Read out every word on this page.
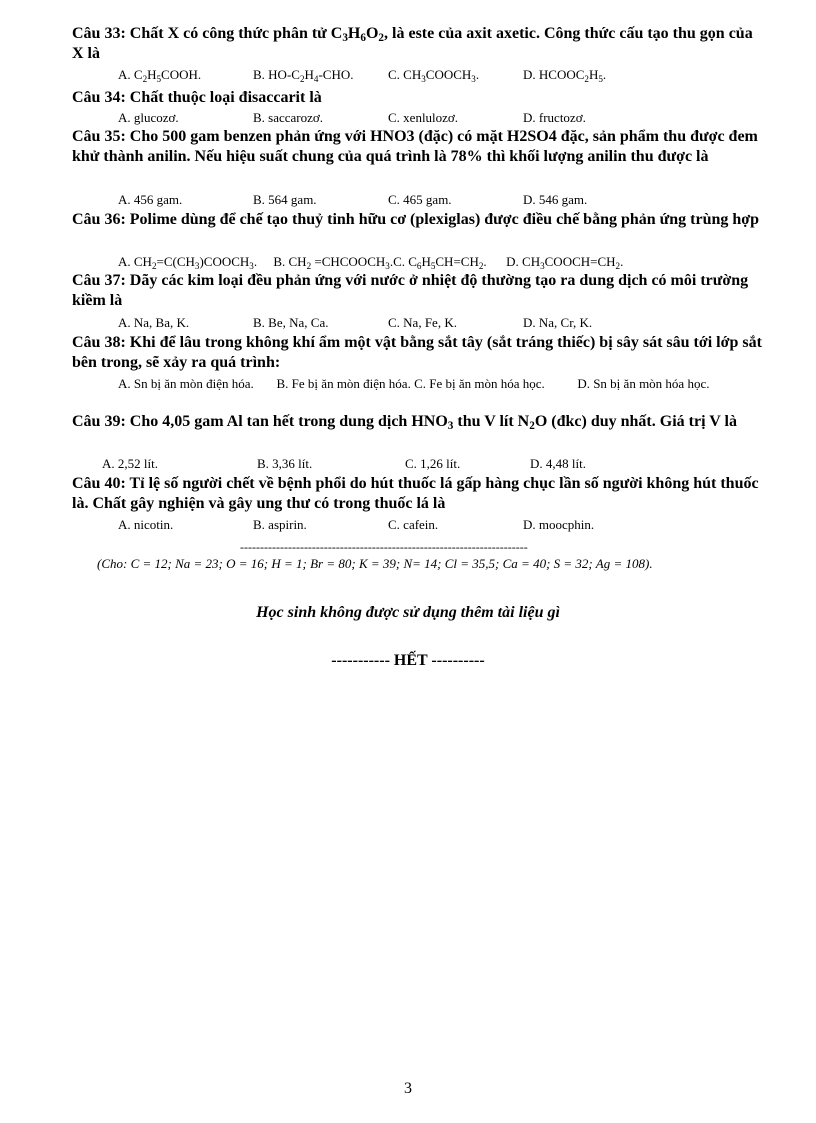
Câu 33: Chất X có công thức phân tử $C_3H_6O_2$, là este của axit axetic. Công thức cấu tạo thu gọn của X là
A. $C_2H_5COOH$.	B. $HO-C_2H_4$-CHO.	C. $CH_3COOCH_3$.	D. $HCOOC_2H_5$.
Câu 34: Chất thuộc loại đisaccarit là
A. glucozơ.	B. saccarozơ.	C. xenlulozơ.	D. fructozơ.
Câu 35: Cho 500 gam benzen phản ứng với HNO3 (đặc) có mặt H2SO4 đặc, sản phẩm thu được đem khử thành anilin. Nếu hiệu suất chung của quá trình là 78% thì khối lượng anilin thu được là
A. 456 gam.	B. 564 gam.	C. 465 gam.	D. 546 gam.
Câu 36: Polime dùng để chế tạo thuỷ tinh hữu cơ (plexiglas) được điều chế bằng phản ứng trùng hợp
A. $CH_2=C(CH_3)COOCH_3$. B. $CH_2$ $=CHCOOCH_3.C$. $C_6H_5CH=CH_2$. D. $CH_3COOCH=CH_2$.
Câu 37: Dãy các kim loại đều phản ứng với nước ở nhiệt độ thường tạo ra dung dịch có môi trường kiềm là
A. Na, Ba, K.	B. Be, Na, Ca.	C. Na, Fe, K.	D. Na, Cr, K.
Câu 38: Khi để lâu trong không khí ẩm một vật bằng sắt tây (sắt tráng thiếc) bị sây sát sâu tới lớp sắt bên trong, sẽ xảy ra quá trình:
A. Sn bị ăn mòn điện hóa. B. Fe bị ăn mòn điện hóa. C. Fe bị ăn mòn hóa học.	D. Sn bị ăn mòn hóa học.
Câu 39: Cho 4,05 gam Al tan hết trong dung dịch $HNO_3$ thu V lít $N_2O$ (đkc) duy nhất. Giá trị V là
A. 2,52 lít.	B. 3,36 lít.	C. 1,26 lít.	D. 4,48 lít.
Câu 40: Tỉ lệ số người chết về bệnh phổi do hút thuốc lá gấp hàng chục lần số người không hút thuốc là. Chất gây nghiện và gây ung thư có trong thuốc lá là
A. nicotin.	B. aspirin.	C. cafein.	D. moocphin.
------------------------------------------------------------------------
(Cho: C = 12; Na = 23; O = 16; H = 1; Br = 80; K = 39; N= 14; Cl = 35,5; Ca = 40; S = 32; Ag = 108).
Học sinh không được sử dụng thêm tài liệu gì
----------- HẾT ----------
3
